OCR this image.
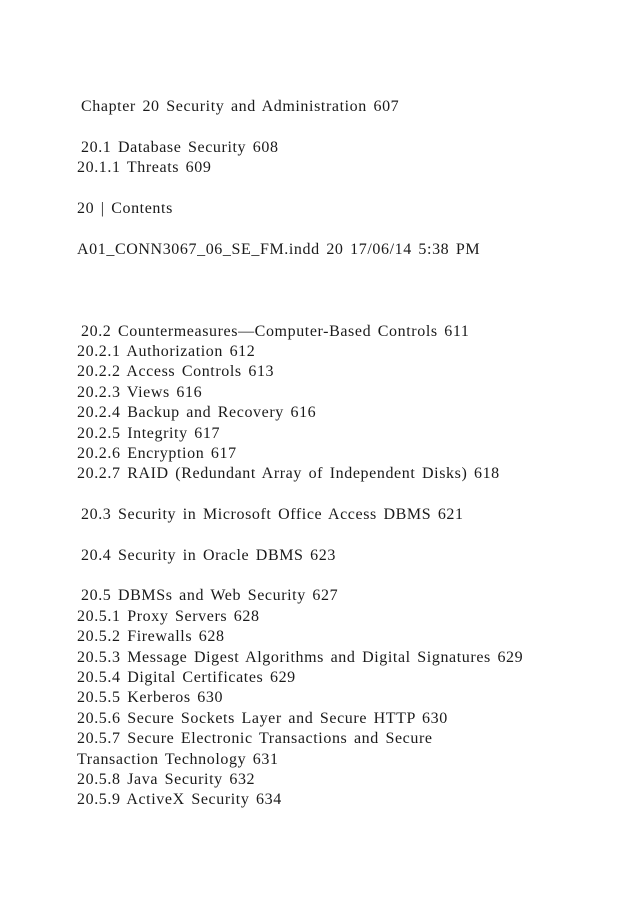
Chapter 20 Security and Administration 607
20.1 Database Security 608
20.1.1 Threats 609
20 | Contents
A01_CONN3067_06_SE_FM.indd 20 17/06/14 5:38 PM
20.2 Countermeasures—Computer-Based Controls 611
20.2.1 Authorization 612
20.2.2 Access Controls 613
20.2.3 Views 616
20.2.4 Backup and Recovery 616
20.2.5 Integrity 617
20.2.6 Encryption 617
20.2.7 RAID (Redundant Array of Independent Disks) 618
20.3 Security in Microsoft Office Access DBMS 621
20.4 Security in Oracle DBMS 623
20.5 DBMSs and Web Security 627
20.5.1 Proxy Servers 628
20.5.2 Firewalls 628
20.5.3 Message Digest Algorithms and Digital Signatures 629
20.5.4 Digital Certificates 629
20.5.5 Kerberos 630
20.5.6 Secure Sockets Layer and Secure HTTP 630
20.5.7 Secure Electronic Transactions and Secure
Transaction Technology 631
20.5.8 Java Security 632
20.5.9 ActiveX Security 634
